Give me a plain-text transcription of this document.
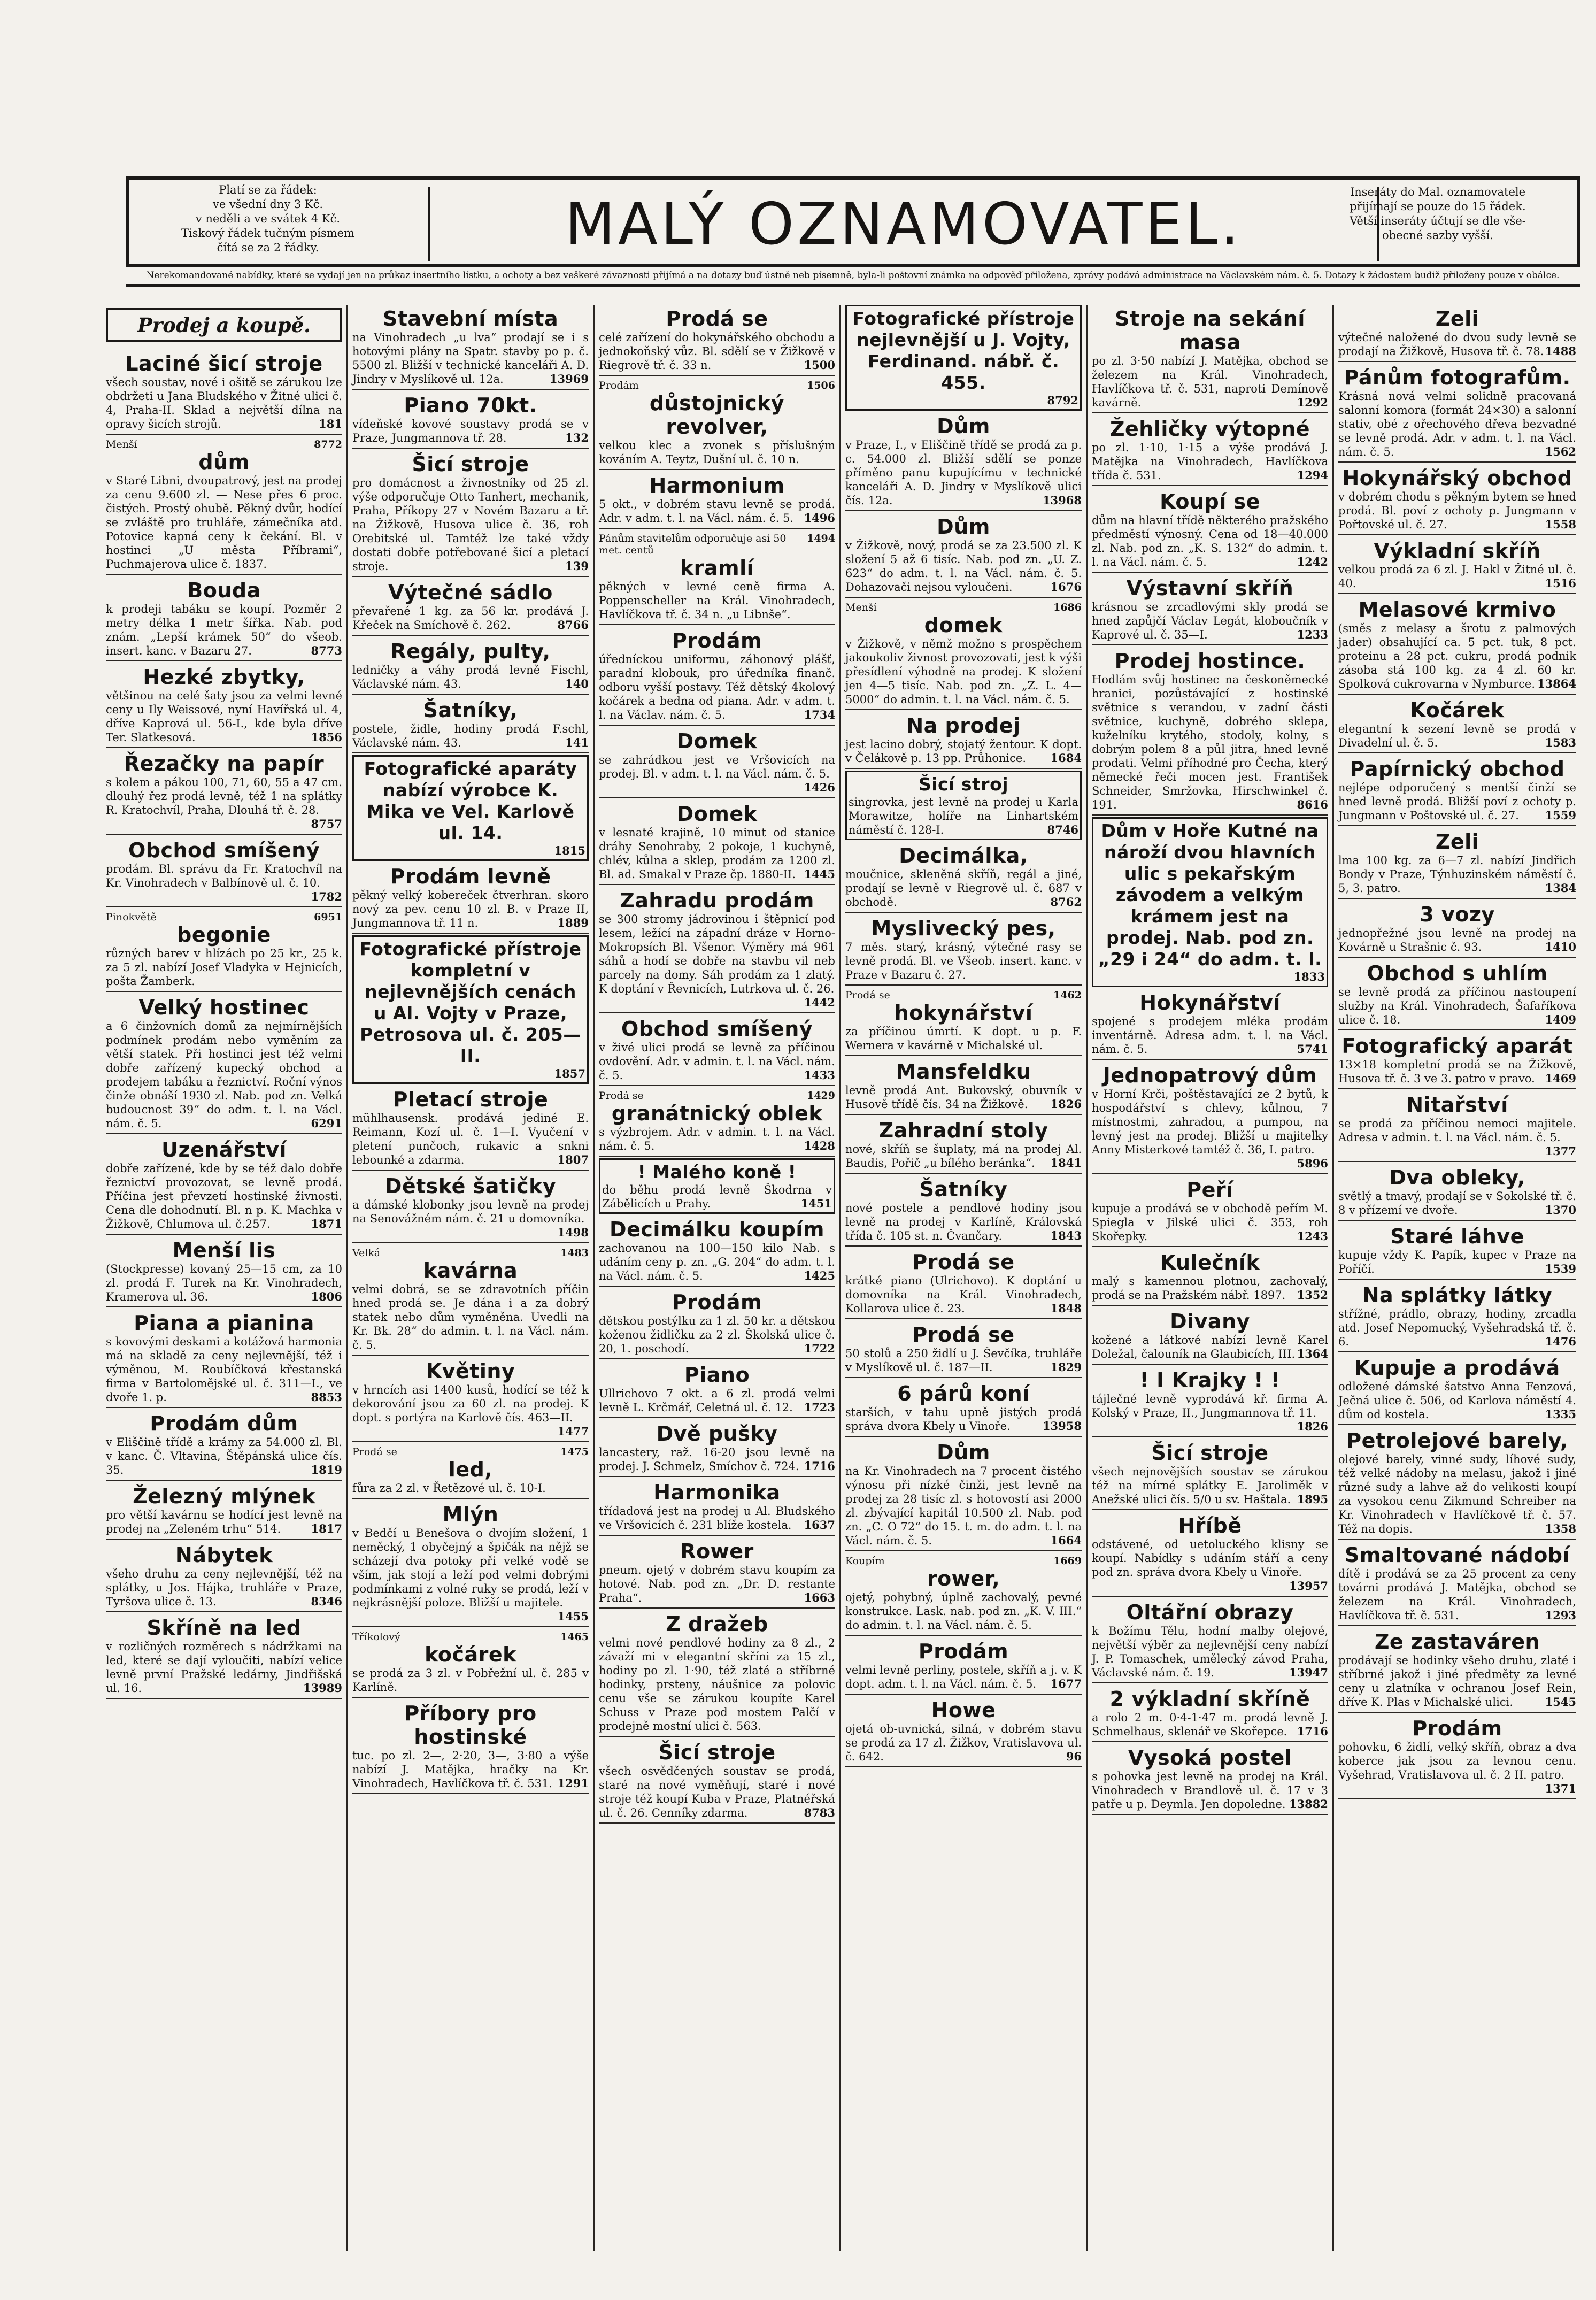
Platí se za řádek:
ve všední dny 3 Kč.
v neděli a ve svátek 4 Kč.
Tiskový řádek tučným písmem
čítá se za 2 řádky.	MALÝ OZNAMOVATEL.	Inseráty do Mal. oznamovatele
přijímají se pouze do 15 řádek.
Větší inseráty účtují se dle vše-
obecné sazby vyšší.
Nerekomandované nabídky, které se vydají jen na průkaz insertního lístku, a ochoty a bez veškeré závaznosti přijímá a na dotazy buď ústně neb písemně, byla-li poštovní známka na odpověď přiložena, zprávy podává administrace na Václavském nám. č. 5. Dotazy k žádostem budiž přiloženy pouze v obálce.
Prodej a koupě.
Laciné šicí stroje
všech soustav, nové i ošitě se zárukou lze obdržeti u Jana Bludského v Žitné ulici č. 4, Praha-II. Sklad a největší dílna na opravy šicích strojů.	181
8772
Menší
dům
v Staré Libni, dvoupatrový, jest na prodej za cenu 9.600 zl. — Nese přes 6 proc. čistých. Prostý ohubě. Pěkný dvůr, hodící se zvláště pro truhláře, zámečníka atd. Potovice kapná ceny k čekání. Bl. v hostinci „U města Příbrami“, Puchmajerova ulice č. 1837.
Bouda
k prodeji tabáku se koupí. Pozměr 2 metry délka 1 metr šířka. Nab. pod znám. „Lepší krámek 50“ do všeob. insert. kanc. v Bazaru 27.	8773
Hezké zbytky,
většinou na celé šaty jsou za velmi levné ceny u Ily Weissové, nyní Havířská ul. 4, dříve Kaprová ul. 56-I., kde byla dříve Ter. Slatkesová.	1856
Řezačky na papír
s kolem a pákou 100, 71, 60, 55 a 47 cm. dlouhý řez prodá levně, též 1 na splátky R. Kratochvíl, Praha, Dlouhá tř. č. 28.
8757
Obchod smíšený
prodám. Bl. správu da Fr. Kratochvíl na Kr. Vinohradech v Balbínově ul. č. 10.
1782
6951
Pinokvětě
begonie
různých barev v hlízách po 25 kr., 25 k. za 5 zl. nabízí Josef Vladyka v Hejnicích, pošta Žamberk.
Velký hostinec
a 6 činžovních domů za nejmírnějších podmínek prodám nebo vyměním za větší statek. Při hostinci jest též velmi dobře zařízený kupecký obchod a prodejem tabáku a řeznictví. Roční výnos činže obnáší 1930 zl. Nab. pod zn. Velká budoucnost 39“ do adm. t. l. na Václ. nám. č. 5.	6291
Uzenářství
dobře zařízené, kde by se též dalo dobře řeznictví provozovat, se levně prodá. Příčina jest převzetí hostinské živnosti. Cena dle dohodnutí. Bl. n p. K. Machka v Žižkově, Chlumova ul. č.257.	1871
Menší lis
(Stockpresse) kovaný 25—15 cm, za 10 zl. prodá F. Turek na Kr. Vinohradech, Kramerova ul. 36.	1806
Piana a pianina
s kovovými deskami a kotážová harmonia má na skladě za ceny nejlevnější, též i výměnou, M. Roubíčková křestanská firma v Bartolomějské ul. č. 311—I., ve dvoře 1. p.	8853
Prodám dům
v Eliščině třídě a krámy za 54.000 zl. Bl. v kanc. Č. Vltavina, Štěpánská ulice čís. 35.	1819
Železný mlýnek
pro větší kavárnu se hodící jest levně na prodej na „Zeleném trhu“ 514.	1817
Nábytek
všeho druhu za ceny nejlevnější, též na splátky, u Jos. Hájka, truhláře v Praze, Tyršova ulice č. 13.	8346
Skříně na led
v rozličných rozměrech s nádržkami na led, které se dají vyloučiti, nabízí velice levně první Pražské ledárny, Jindřišská ul. 16.	13989
Stavební místa
na Vinohradech „u lva“ prodají se i s hotovými plány na Spatr. stavby po p. č. 5500 zl. Bližší v technické kanceláři A. D. Jindry v Myslíkově ul. 12a.	13969
Piano 70kt.
vídeňské kovové soustavy prodá se v Praze, Jungmannova tř. 28.	132
Šicí stroje
pro domácnost a živnostníky od 25 zl. výše odporučuje Otto Tanhert, mechanik, Praha, Příkopy 27 v Novém Bazaru a tř. na Žižkově, Husova ulice č. 36, roh Orebitské ul. Tamtéž lze také vždy dostati dobře potřebované šicí a pletací stroje.	139
Výtečné sádlo
převařené 1 kg. za 56 kr. prodává J. Křeček na Smíchově č. 262.	8766
Regály, pulty,
ledničky a váhy prodá levně Fischl, Václavské nám. 43.	140
Šatníky,
postele, židle, hodiny prodá F.schl, Václavské nám. 43.	141
Fotografické aparáty nabízí výrobce K. Mika ve Vel. Karlově ul. 14.
1815
Prodám levně
pěkný velký kobereček čtverhran. skoro nový za pev. cenu 10 zl. B. v Praze II, Jungmannova tř. 11 n.	1889
Fotografické přístroje kompletní v nejlevnějších cenách u Al. Vojty v Praze, Petrosova ul. č. 205—II.
1857
Pletací stroje
mühlhausensk. prodává jediné E. Reimann, Kozí ul. č. 1—I. Vyučení v pletení punčoch, rukavic a snkni lebounké a zdarma.	1807
Dětské šatičky
a dámské klobonky jsou levně na prodej na Senovážném nám. č. 21 u domovníka.
1498
1483
Velká
kavárna
velmi dobrá, se se zdravotních příčin hned prodá se. Je dána i a za dobrý statek nebo dům vyměněna. Uvedli na Kr. Bk. 28“ do admin. t. l. na Václ. nám. č. 5.
Květiny
v hrncích asi 1400 kusů, hodící se též k dekorování jsou za 60 zl. na prodej. K dopt. s portýra na Karlově čís. 463—II.
1477
1475
Prodá se
led,
fůra za 2 zl. v Řetězové ul. č. 10-I.
Mlýn
v Bedčí u Benešova o dvojím složení, 1 neměcký, 1 obyčejný a špičák na nějž se scházejí dva potoky při velké vodě se vším, jak stojí a leží pod velmi dobrými podmínkami z volné ruky se prodá, leží v nejkrásnější poloze. Bližší u majitele.
1455
1465
Tříkolový
kočárek
se prodá za 3 zl. v Pobřežní ul. č. 285 v Karlíně.
Příbory pro hostinské
tuc. po zl. 2—, 2·20, 3—, 3·80 a výše nabízí J. Matějka, hračky na Kr. Vinohradech, Havlíčkova tř. č. 531. 1291
Prodá se
celé zařízení do hokynářského obchodu a jednokoňský vůz. Bl. sdělí se v Žižkově v Riegrově tř. č. 33 n.	1500
1506
Prodám
důstojnický revolver,
velkou klec a zvonek s příslušným kováním A. Teytz, Dušní ul. č. 10 n.
Harmonium
5 okt., v dobrém stavu levně se prodá. Adr. v adm. t. l. na Václ. nám. č. 5. 1496
1494
Pánům stavitelům odporučuje asi 50 met. centů
kramlí
pěkných v levné ceně firma A. Poppenscheller na Král. Vinohradech, Havlíčkova tř. č. 34 n. „u Libnše“.
Prodám
úředníckou uniformu, záhonový plášť, paradní klobouk, pro úředníka finanč. odboru vyšší postavy. Též dětský 4kolový kočárek a bedna od piana. Adr. v adm. t. l. na Václav. nám. č. 5.	1734
Domek
se zahrádkou jest ve Vršovicích na prodej. Bl. v adm. t. l. na Václ. nám. č. 5.
1426
Domek
v lesnaté krajině, 10 minut od stanice dráhy Senohraby, 2 pokoje, 1 kuchyně, chlév, kůlna a sklep, prodám za 1200 zl. Bl. ad. Smakal v Praze čp. 1880-II. 1445
Zahradu prodám
se 300 stromy jádrovinou i štěpnicí pod lesem, ležící na západní dráze v Horno-Mokropsích Bl. Všenor. Výměry má 961 sáhů a hodí se dobře na stavbu vil neb parcely na domy. Sáh prodám za 1 zlatý. K doptání v Řevnicích, Lutrkova ul. č. 26.
1442
Obchod smíšený
v živé ulici prodá se levně za příčinou ovdovění. Adr. v admin. t. l. na Václ. nám. č. 5.	1433
1429
Prodá se
granátnický oblek
s výzbrojem. Adr. v admin. t. l. na Václ. nám. č. 5.	1428
! Malého koně !
do běhu prodá levně Škodrna v Zábělicích u Prahy.	1451
Decimálku koupím
zachovanou na 100—150 kilo Nab. s udáním ceny p. zn. „G. 204“ do adm. t. l. na Václ. nám. č. 5.	1425
Prodám
dětskou postýlku za 1 zl. 50 kr. a dětskou koženou židličku za 2 zl. Školská ulice č. 20, 1. poschodí.	1722
Piano
Ullrichovo 7 okt. a 6 zl. prodá velmi levně L. Krčmář, Celetná ul. č. 12. 1723
Dvě pušky
lancastery, raž. 16-20 jsou levně na prodej. J. Schmelz, Smíchov č. 724. 1716
Harmonika
třídadová jest na prodej u Al. Bludského ve Vršovicích č. 231 blíže kostela. 1637
Rower
pneum. ojetý v dobrém stavu koupím za hotové. Nab. pod zn. „Dr. D. restante Praha“.	1663
Z dražeb
velmi nové pendlové hodiny za 8 zl., 2 závaží mi v elegantní skříni za 15 zl., hodiny po zl. 1·90, též zlaté a stříbrné hodinky, prsteny, náušnice za polovic cenu vše se zárukou koupíte Karel Schuss v Praze pod mostem Palčí v prodejně mostní ulici č. 563.
Šicí stroje
všech osvědčených soustav se prodá, staré na nové vyměňují, staré i nové stroje též koupí Kuba v Praze, Platnéřská ul. č. 26. Cenníky zdarma.	8783
Fotografické přístroje nejlevnější u J. Vojty, Ferdinand. nábř. č. 455.
8792
Dům
v Praze, I., v Eliščině třídě se prodá za p. c. 54.000 zl. Bližší sdělí se ponze příměno panu kupujícímu v technické kanceláři A. D. Jindry v Myslíkově ulici čís. 12a.	13968
Dům
v Žižkově, nový, prodá se za 23.500 zl. K složení 5 až 6 tisíc. Nab. pod zn. „U. Z. 623“ do adm. t. l. na Václ. nám. č. 5. Dohazovači nejsou vyloučeni.	1676
1686
Menší
domek
v Žižkově, v němž možno s prospěchem jakoukoliv živnost provozovati, jest k výši přesídlení výhodně na prodej. K složení jen 4—5 tisíc. Nab. pod zn. „Z. L. 4—5000“ do admin. t. l. na Václ. nám. č. 5.
Na prodej
jest lacino dobrý, stojatý žentour. K dopt. v Čelákově p. 13 pp. Průhonice. 1684
Šicí stroj
singrovka, jest levně na prodej u Karla Morawitze, holíře na Linhartském náměstí č. 128-I.	8746
Decimálka,
moučnice, skleněná skříň, regál a jiné, prodají se levně v Riegrově ul. č. 687 v obchodě.	8762
Myslivecký pes,
7 měs. starý, krásný, výtečné rasy se levně prodá. Bl. ve Všeob. insert. kanc. v Praze v Bazaru č. 27.
1462
Prodá se
hokynářství
za příčinou úmrtí. K dopt. u p. F. Wernera v kavárně v Michalské ul.
Mansfeldku
levně prodá Ant. Bukovský, obuvník v Husově třídě čís. 34 na Žižkově. 1826
Zahradní stoly
nové, skříň se šuplaty, má na prodej Al. Baudis, Pořič „u bílého beránka“. 1841
Šatníky
nové postele a pendlové hodiny jsou levně na prodej v Karlíně, Královská třída č. 105 st. n. Čvančary.	1843
Prodá se
krátké piano (Ulrichovo). K doptání u domovníka na Král. Vinohradech, Kollarova ulice č. 23.	1848
Prodá se
50 stolů a 250 židlí u J. Ševčíka, truhláře v Myslíkově ul. č. 187—II.	1829
6 párů koní
starších, v tahu upně jistých prodá správa dvora Kbely u Vinoře.	13958
Dům
na Kr. Vinohradech na 7 procent čistého výnosu při nízké činži, jest levně na prodej za 28 tisíc zl. s hotovostí asi 2000 zl. zbývající kapitál 10.500 zl. Nab. pod zn. „C. O 72“ do 15. t. m. do adm. t. l. na Václ. nám. č. 5.	1664
1669
Koupím
rower,
ojetý, pohybný, úplně zachovalý, pevné konstrukce. Lask. nab. pod zn. „K. V. III.“ do admin. t. l. na Václ. nám. č. 5.
Prodám
velmi levně perliny, postele, skříň a j. v. K dopt. adm. t. l. na Václ. nám. č. 5. 1677
Howe
ojetá ob-uvnická, silná, v dobrém stavu se prodá za 17 zl. Žižkov, Vratislavova ul. č. 642.	96
Stroje na sekání masa
po zl. 3·50 nabízí J. Matějka, obchod se železem na Král. Vinohradech, Havlíčkova tř. č. 531, naproti Demínově kavárně.	1292
Žehličky výtopné
po zl. 1·10, 1·15 a výše prodává J. Matějka na Vinohradech, Havlíčkova třída č. 531.	1294
Koupí se
dům na hlavní třídě některého pražského předměstí výnosný. Cena od 18—40.000 zl. Nab. pod zn. „K. S. 132“ do admin. t. l. na Václ. nám. č. 5.	1242
Výstavní skříň
krásnou se zrcadlovými skly prodá se hned zapůjčí Václav Legát, kloboučník v Kaprové ul. č. 35—I.	1233
Prodej hostince.
Hodlám svůj hostinec na českoněmecké hranici, pozůstávající z hostinské světnice s verandou, v zadní části světnice, kuchyně, dobrého sklepa, kuželníku krytého, stodoly, kolny, s dobrým polem 8 a půl jitra, hned levně prodati. Velmi příhodné pro Čecha, který německé řeči mocen jest. František Schneider, Smržovka, Hirschwinkel č. 191.	8616
Dům v Hoře Kutné na nároží dvou hlavních ulic s pekařským závodem a velkým krámem jest na prodej. Nab. pod zn. „29 i 24“ do adm. t. l.
1833
Hokynářství
spojené s prodejem mléka prodám inventárně. Adresa adm. t. l. na Václ. nám. č. 5.	5741
Jednopatrový dům
v Horní Krči, poštěstavající ze 2 bytů, k hospodářství s chlevy, kůlnou, 7 místnostmi, zahradou, a pumpou, na levný jest na prodej. Bližší u majitelky Anny Misterkové tamtéž č. 36, I. patro.
5896
Peří
kupuje a prodává se v obchodě peřím M. Spiegla v Jilské ulici č. 353, roh Skořepky.	1243
Kulečník
malý s kamennou plotnou, zachovalý, prodá se na Pražském nábř. 1897. 1352
Divany
kožené a látkové nabízí levně Karel Doležal, čalouník na Glaubicích, III. 1364
! I Krajky ! !
tájlečné levně vyprodává kř. firma A. Kolský v Praze, II., Jungmannova tř. 11.
1826
Šicí stroje
všech nejnovějších soustav se zárukou též na mírné splátky E. Jaroliměk v Anežské ulici čís. 5/0 u sv. Haštala. 1895
Hříbě
odstávené, od uetoluckého klisny se koupí. Nabídky s udáním stáří a ceny pod zn. správa dvora Kbely u Vinoře.
13957
Oltářní obrazy
k Božímu Tělu, hodní malby olejové, největší výběr za nejlevnější ceny nabízí J. P. Tomaschek, umělecký závod Praha, Václavské nám. č. 19.	13947
2 výkladní skříně
a rolo 2 m. 0·4-1·47 m. prodá levně J. Schmelhaus, sklenář ve Skořepce. 1716
Vysoká postel
s pohovka jest levně na prodej na Král. Vinohradech v Brandlově ul. č. 17 v 3 patře u p. Deymla. Jen dopoledne. 13882
Zeli
výtečné naložené do dvou sudy levně se prodají na Žižkově, Husova tř. č. 78. 1488
Pánům fotografům.
Krásná nová velmi solidně pracovaná salonní komora (formát 24×30) a salonní stativ, obé z ořechového dřeva bezvadné se levně prodá. Adr. v adm. t. l. na Václ. nám. č. 5.	1562
Hokynářský obchod
v dobrém chodu s pěkným bytem se hned prodá. Bl. poví z ochoty p. Jungmann v Pořtovské ul. č. 27.	1558
Výkladní skříň
velkou prodá za 6 zl. J. Hakl v Žitné ul. č. 40.	1516
Melasové krmivo
(směs z melasy a šrotu z palmových jader) obsahující ca. 5 pct. tuk, 8 pct. proteinu a 28 pct. cukru, prodá podnik zásoba stá 100 kg. za 4 zl. 60 kr. Spolková cukrovarna v Nymburce. 13864
Kočárek
elegantní k sezení levně se prodá v Divadelní ul. č. 5.	1583
Papírnický obchod
nejlépe odporučený s mentší činží se hned levně prodá. Bližší poví z ochoty p. Jungmann v Poštovské ul. č. 27. 1559
Zeli
lma 100 kg. za 6—7 zl. nabízí Jindřich Bondy v Praze, Týnhuzinském náměstí č. 5, 3. patro.	1384
3 vozy
jednopřežné jsou levně na prodej na Kovárně u Strašnic č. 93.	1410
Obchod s uhlím
se levně prodá za příčinou nastoupení služby na Král. Vinohradech, Šafaříkova ulice č. 18.	1409
Fotografický aparát
13×18 kompletní prodá se na Žižkově, Husova tř. č. 3 ve 3. patro v pravo. 1469
Nitařství
se prodá za příčinou nemoci majitele. Adresa v admin. t. l. na Václ. nám. č. 5.
1377
Dva obleky,
světlý a tmavý, prodají se v Sokolské tř. č. 8 v přízemí ve dvoře.	1370
Staré láhve
kupuje vždy K. Papík, kupec v Praze na Poříčí.	1539
Na splátky látky
střížné, prádlo, obrazy, hodiny, zrcadla atd. Josef Nepomucký, Vyšehradská tř. č. 6.	1476
Kupuje a prodává
odložené dámské šatstvo Anna Fenzová, Ječná ulice č. 506, od Karlova náměstí 4. dům od kostela.	1335
Petrolejové barely,
olejové barely, vinné sudy, líhové sudy, též velké nádoby na melasu, jakož i jiné různé sudy a lahve až do velikosti koupí za vysokou cenu Zikmund Schreiber na Kr. Vinohradech v Havlíčkově tř. č. 57. Též na dopis.	1358
Smaltované nádobí
dítě i prodává se za 25 procent za ceny továrni prodává J. Matějka, obchod se železem na Král. Vinohradech, Havlíčkova tř. č. 531.	1293
Ze zastaváren
prodávají se hodinky všeho druhu, zlaté i stříbrné jakož i jiné předměty za levné ceny u zlatníka v ochranou Josef Rein, dříve K. Plas v Michalské ulici.	1545
Prodám
pohovku, 6 židlí, velký skříň, obraz a dva koberce jak jsou za levnou cenu. Vyšehrad, Vratislavova ul. č. 2 II. patro.
1371
